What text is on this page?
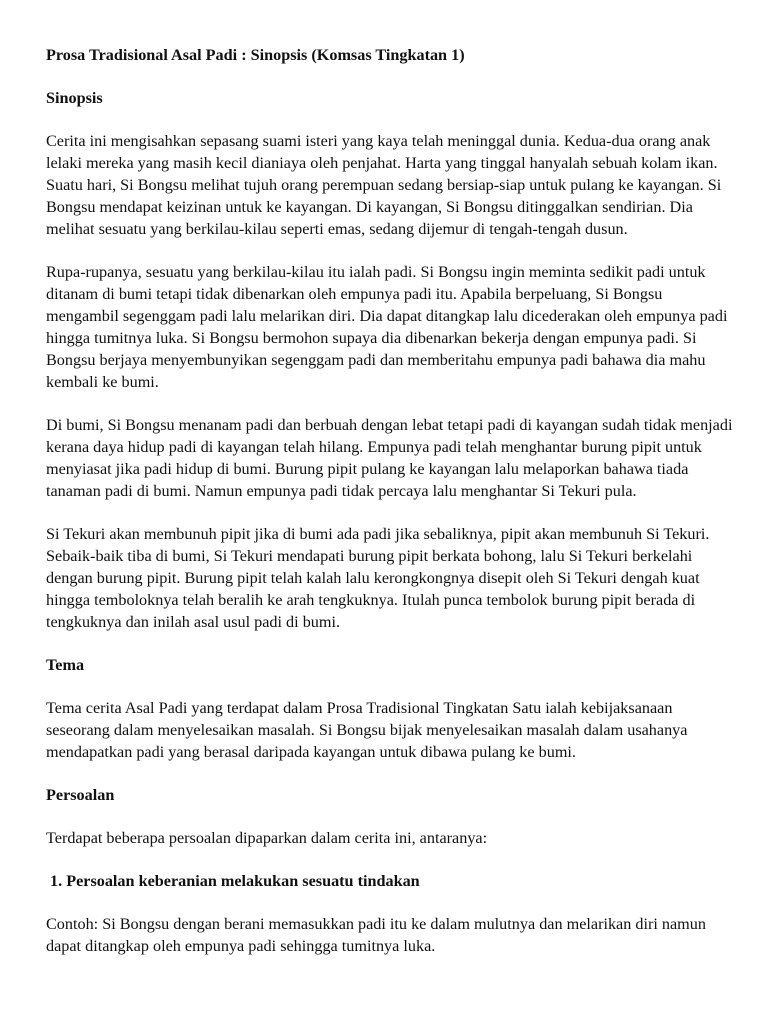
Prosa Tradisional Asal Padi : Sinopsis (Komsas Tingkatan 1)
Sinopsis

Cerita ini mengisahkan sepasang suami isteri yang kaya telah meninggal dunia. Kedua-dua orang anak lelaki mereka yang masih kecil dianiaya oleh penjahat. Harta yang tinggal hanyalah sebuah kolam ikan. Suatu hari, Si Bongsu melihat tujuh orang perempuan sedang bersiap-siap untuk pulang ke kayangan. Si Bongsu mendapat keizinan untuk ke kayangan. Di kayangan, Si Bongsu ditinggalkan sendirian. Dia melihat sesuatu yang berkilau-kilau seperti emas, sedang dijemur di tengah-tengah dusun.

Rupa-rupanya, sesuatu yang berkilau-kilau itu ialah padi. Si Bongsu ingin meminta sedikit padi untuk ditanam di bumi tetapi tidak dibenarkan oleh empunya padi itu. Apabila berpeluang, Si Bongsu mengambil segenggam padi lalu melarikan diri. Dia dapat ditangkap lalu dicederakan oleh empunya padi hingga tumitnya luka. Si Bongsu bermohon supaya dia dibenarkan bekerja dengan empunya padi. Si Bongsu berjaya menyembunyikan segenggam padi dan memberitahu empunya padi bahawa dia mahu kembali ke bumi.

Di bumi, Si Bongsu menanam padi dan berbuah dengan lebat tetapi padi di kayangan sudah tidak menjadi kerana daya hidup padi di kayangan telah hilang. Empunya padi telah menghantar burung pipit untuk menyiasat jika padi hidup di bumi. Burung pipit pulang ke kayangan lalu melaporkan bahawa tiada tanaman padi di bumi. Namun empunya padi tidak percaya lalu menghantar Si Tekuri pula.

Si Tekuri akan membunuh pipit jika di bumi ada padi jika sebaliknya, pipit akan membunuh Si Tekuri. Sebaik-baik tiba di bumi, Si Tekuri mendapati burung pipit berkata bohong, lalu Si Tekuri berkelahi dengan burung pipit. Burung pipit telah kalah lalu kerongkongnya disepit oleh Si Tekuri dengah kuat hingga temboloknya telah beralih ke arah tengkuknya. Itulah punca tembolok burung pipit berada di tengkuknya dan inilah asal usul padi di bumi.

Tema

Tema cerita Asal Padi yang terdapat dalam Prosa Tradisional Tingkatan Satu ialah kebijaksanaan seseorang dalam menyelesaikan masalah. Si Bongsu bijak menyelesaikan masalah dalam usahanya mendapatkan padi yang berasal daripada kayangan untuk dibawa pulang ke bumi.

Persoalan

Terdapat beberapa persoalan dipaparkan dalam cerita ini, antaranya:

1. Persoalan keberanian melakukan sesuatu tindakan

Contoh: Si Bongsu dengan berani memasukkan padi itu ke dalam mulutnya dan melarikan diri namun dapat ditangkap oleh empunya padi sehingga tumitnya luka.
